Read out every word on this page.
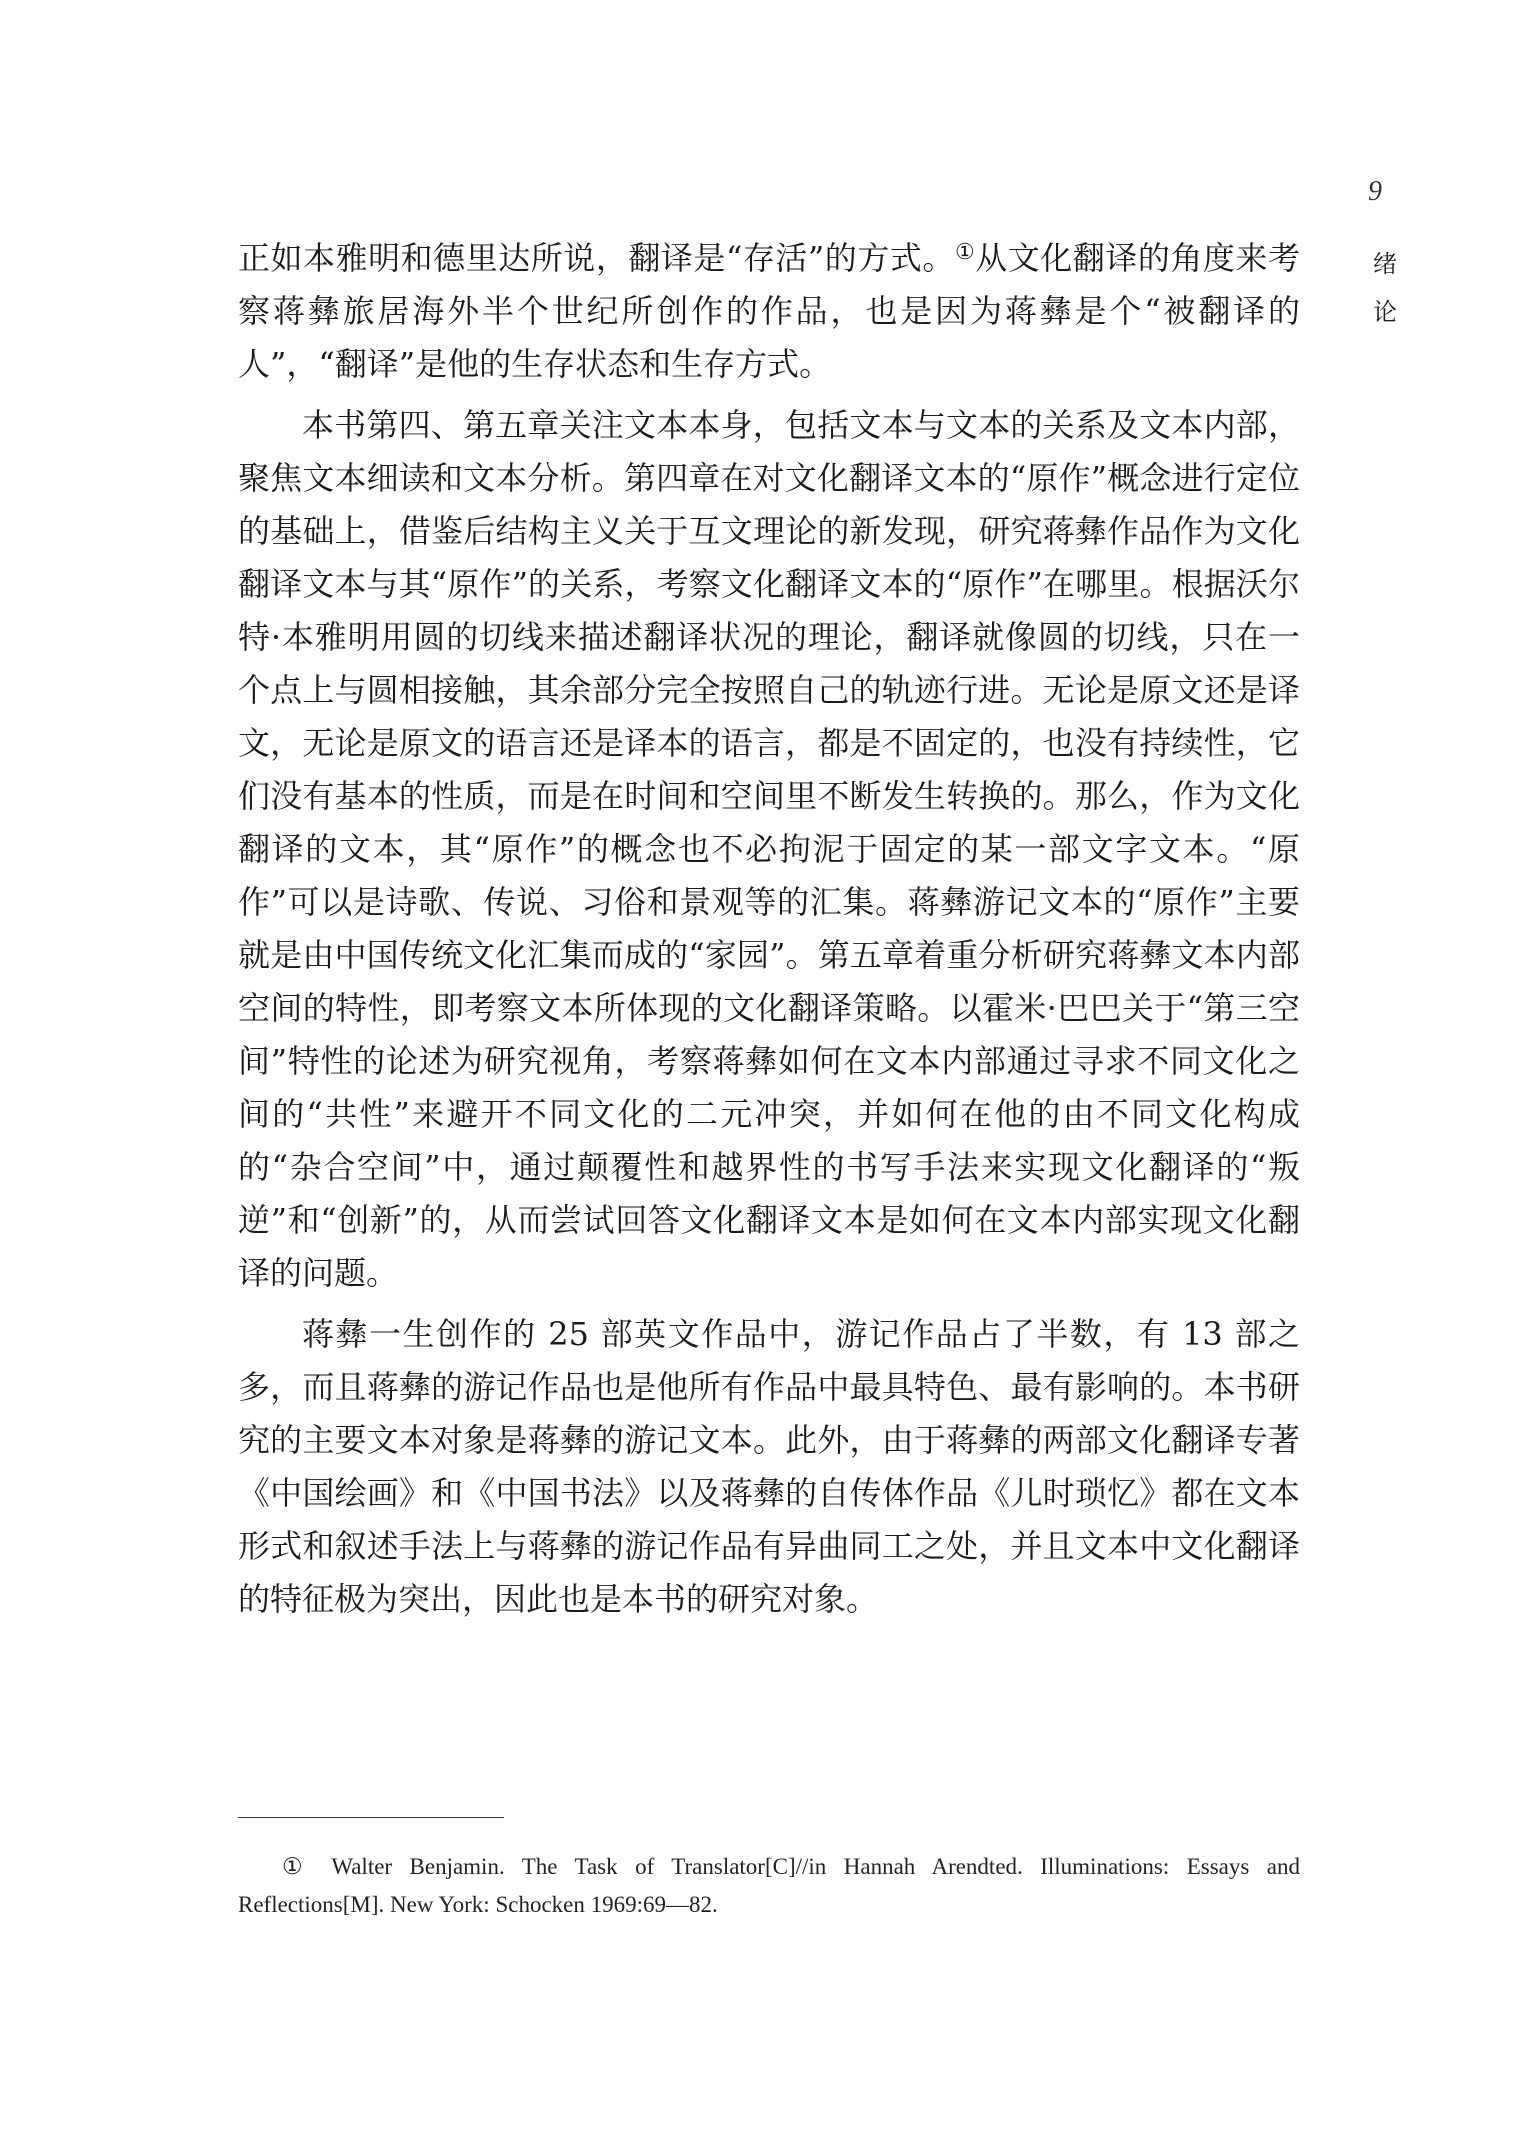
9
绪
论

正如本雅明和德里达所说，翻译是“存活”的方式。①从文化翻译的角度来考察蒋彝旅居海外半个世纪所创作的作品，也是因为蒋彝是个“被翻译的人”，“翻译”是他的生存状态和生存方式。

本书第四、第五章关注文本本身，包括文本与文本的关系及文本内部，聚焦文本细读和文本分析。第四章在对文化翻译文本的“原作”概念进行定位的基础上，借鉴后结构主义关于互文理论的新发现，研究蒋彝作品作为文化翻译文本与其“原作”的关系，考察文化翻译文本的“原作”在哪里。根据沃尔特·本雅明用圆的切线来描述翻译状况的理论，翻译就像圆的切线，只在一个点上与圆相接触，其余部分完全按照自己的轨迹行进。无论是原文还是译文，无论是原文的语言还是译本的语言，都是不固定的，也没有持续性，它们没有基本的性质，而是在时间和空间里不断发生转换的。那么，作为文化翻译的文本，其“原作”的概念也不必拘泥于固定的某一部文字文本。“原作”可以是诗歌、传说、习俗和景观等的汇集。蒋彝游记文本的“原作”主要就是由中国传统文化汇集而成的“家园”。第五章着重分析研究蒋彝文本内部空间的特性，即考察文本所体现的文化翻译策略。以霍米·巴巴关于“第三空间”特性的论述为研究视角，考察蒋彝如何在文本内部通过寻求不同文化之间的“共性”来避开不同文化的二元冲突，并如何在他的由不同文化构成的“杂合空间”中，通过颠覆性和越界性的书写手法来实现文化翻译的“叛逆”和“创新”的，从而尝试回答文化翻译文本是如何在文本内部实现文化翻译的问题。

蒋彝一生创作的 25 部英文作品中，游记作品占了半数，有 13 部之多，而且蒋彝的游记作品也是他所有作品中最具特色、最有影响的。本书研究的主要文本对象是蒋彝的游记文本。此外，由于蒋彝的两部文化翻译专著《中国绘画》和《中国书法》以及蒋彝的自传体作品《儿时琐忆》都在文本形式和叙述手法上与蒋彝的游记作品有异曲同工之处，并且文本中文化翻译的特征极为突出，因此也是本书的研究对象。

① Walter Benjamin. The Task of Translator[C]//in Hannah Arendted. Illuminations: Essays and Reflections[M]. New York: Schocken 1969:69—82.
